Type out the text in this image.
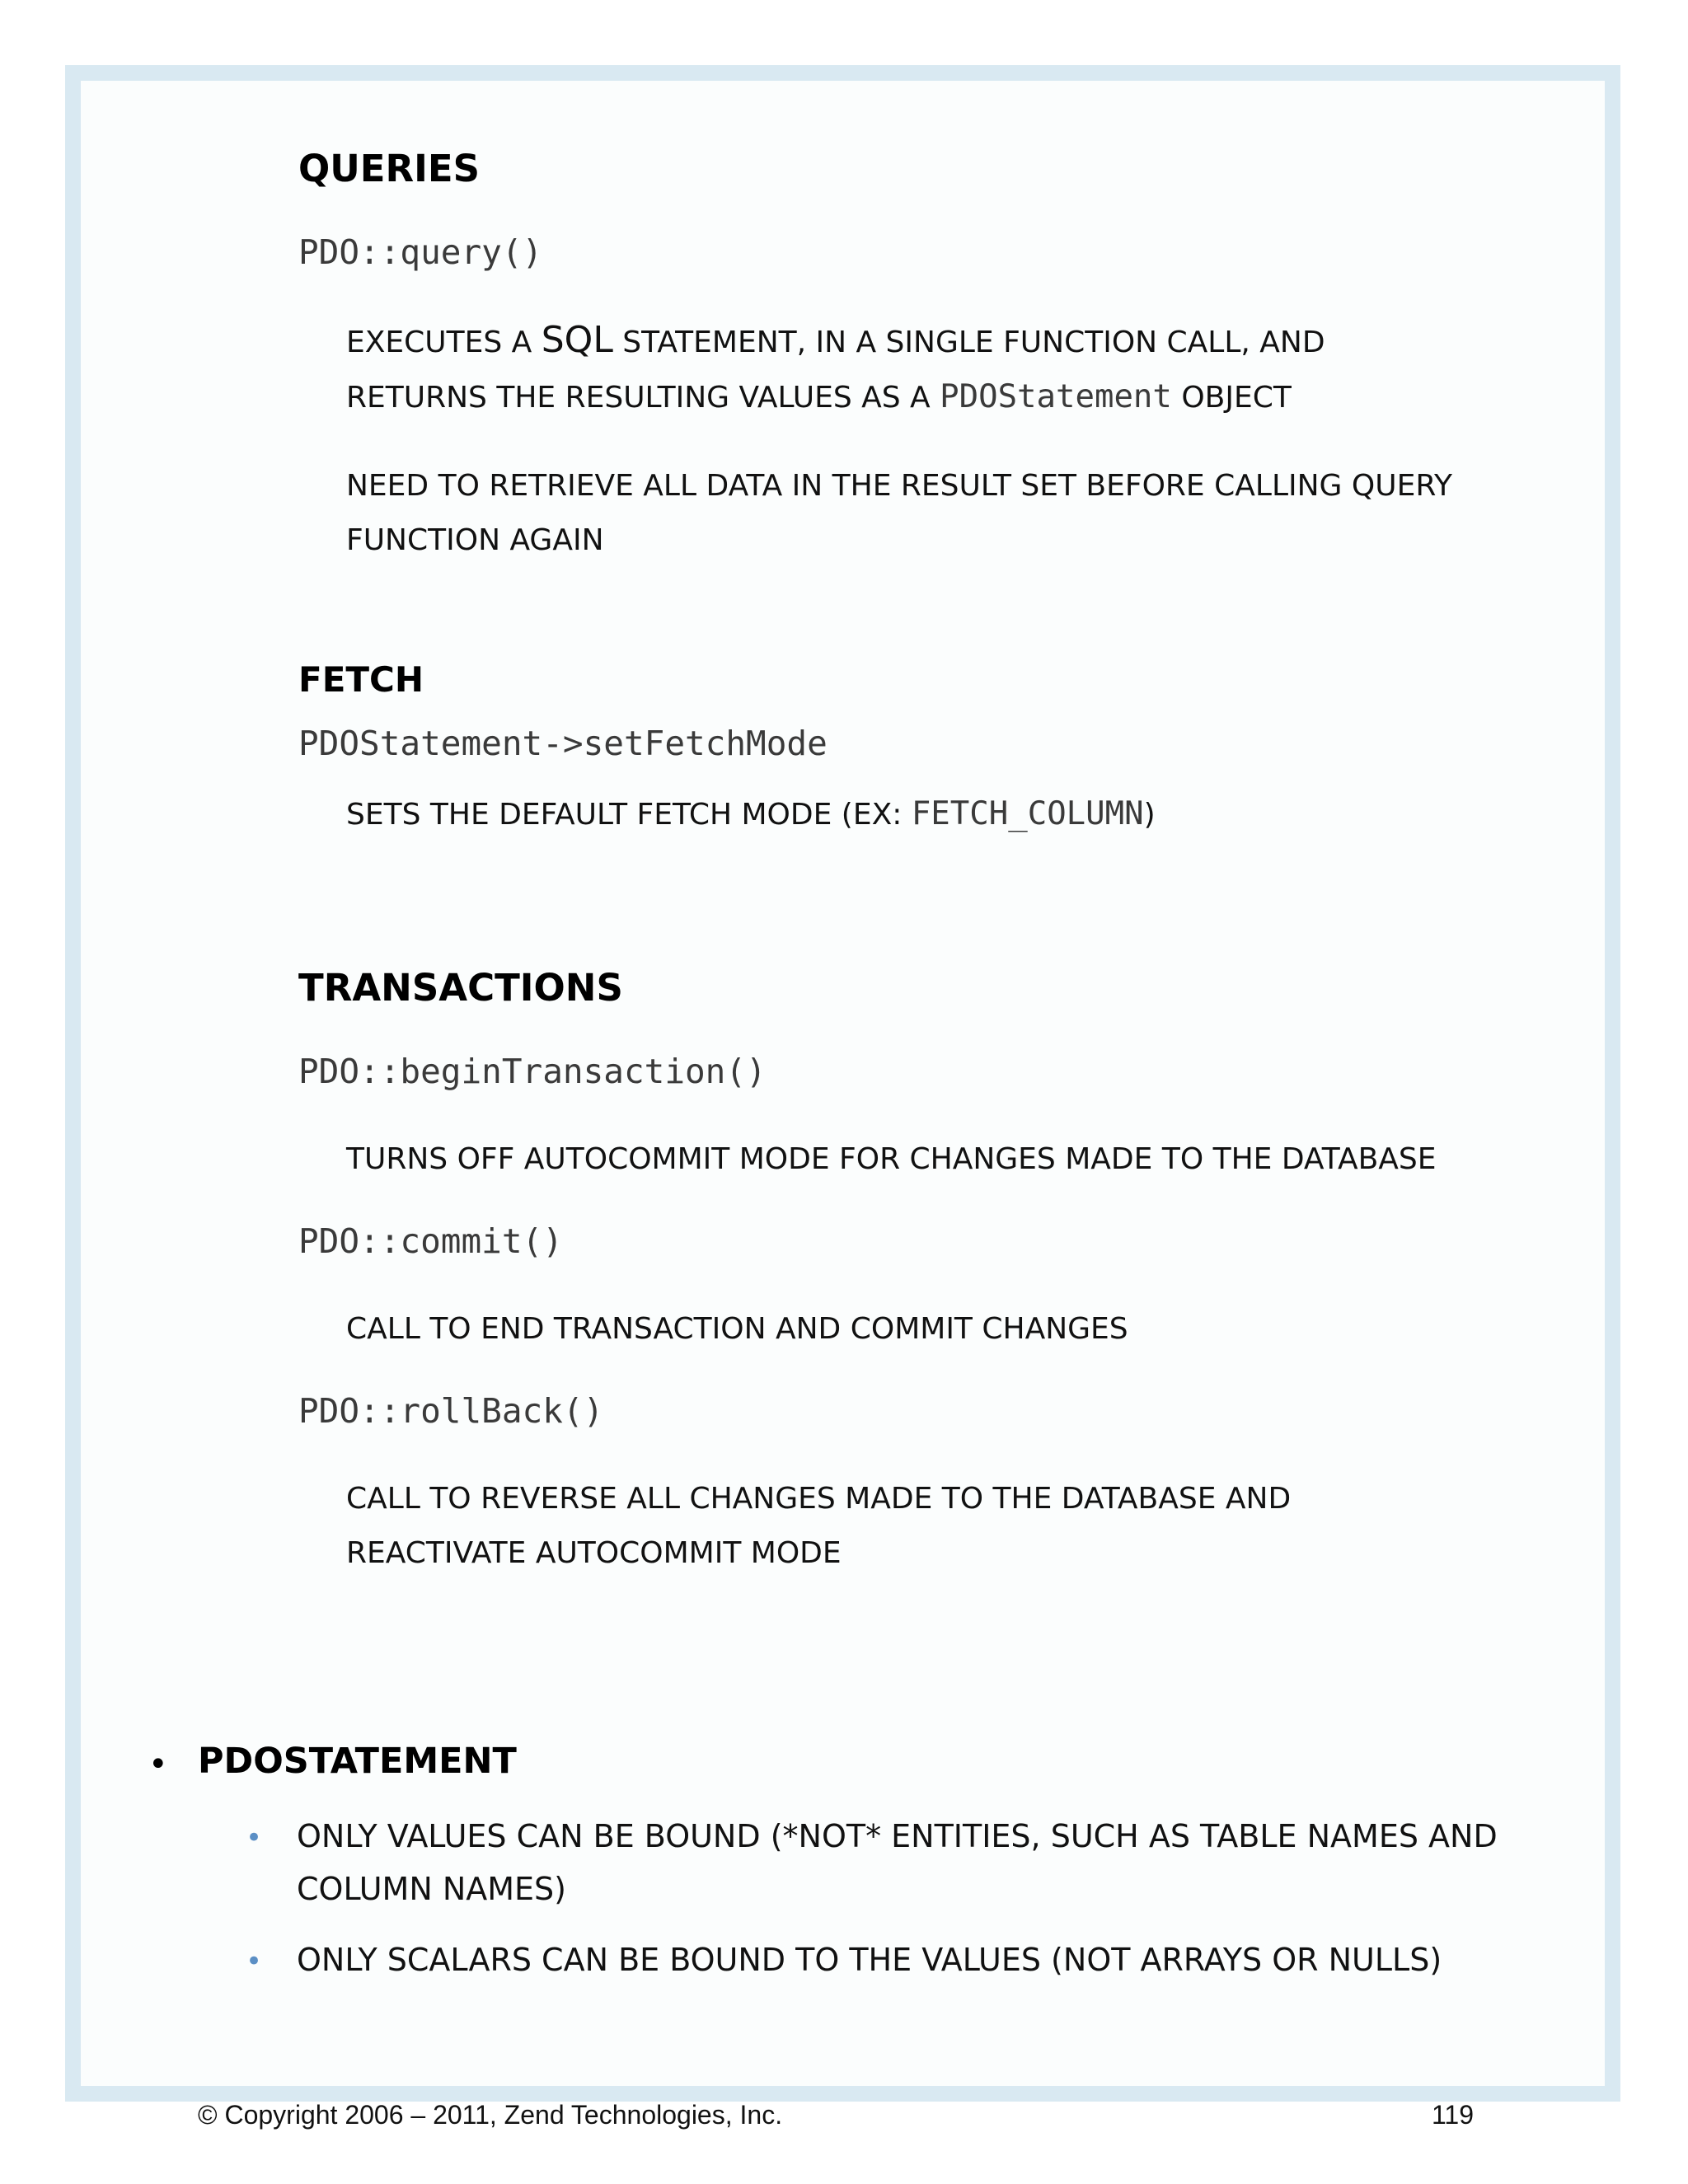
QUERIES
PDO::query()
EXECUTES A SQL STATEMENT, IN A SINGLE FUNCTION CALL, AND
RETURNS THE RESULTING VALUES AS A PDOStatement OBJECT
NEED TO RETRIEVE ALL DATA IN THE RESULT SET BEFORE CALLING QUERY
FUNCTION AGAIN
FETCH
PDOStatement->setFetchMode
SETS THE DEFAULT FETCH MODE (EX: FETCH_COLUMN)
TRANSACTIONS
PDO::beginTransaction()
TURNS OFF AUTOCOMMIT MODE FOR CHANGES MADE TO THE DATABASE
PDO::commit()
CALL TO END TRANSACTION AND COMMIT CHANGES
PDO::rollBack()
CALL TO REVERSE ALL CHANGES MADE TO THE DATABASE AND
REACTIVATE AUTOCOMMIT MODE
• PDOSTATEMENT
• ONLY VALUES CAN BE BOUND (*NOT* ENTITIES, SUCH AS TABLE NAMES AND
COLUMN NAMES)
• ONLY SCALARS CAN BE BOUND TO THE VALUES (NOT ARRAYS OR NULLS)
© Copyright 2006 – 2011, Zend Technologies, Inc.	119
